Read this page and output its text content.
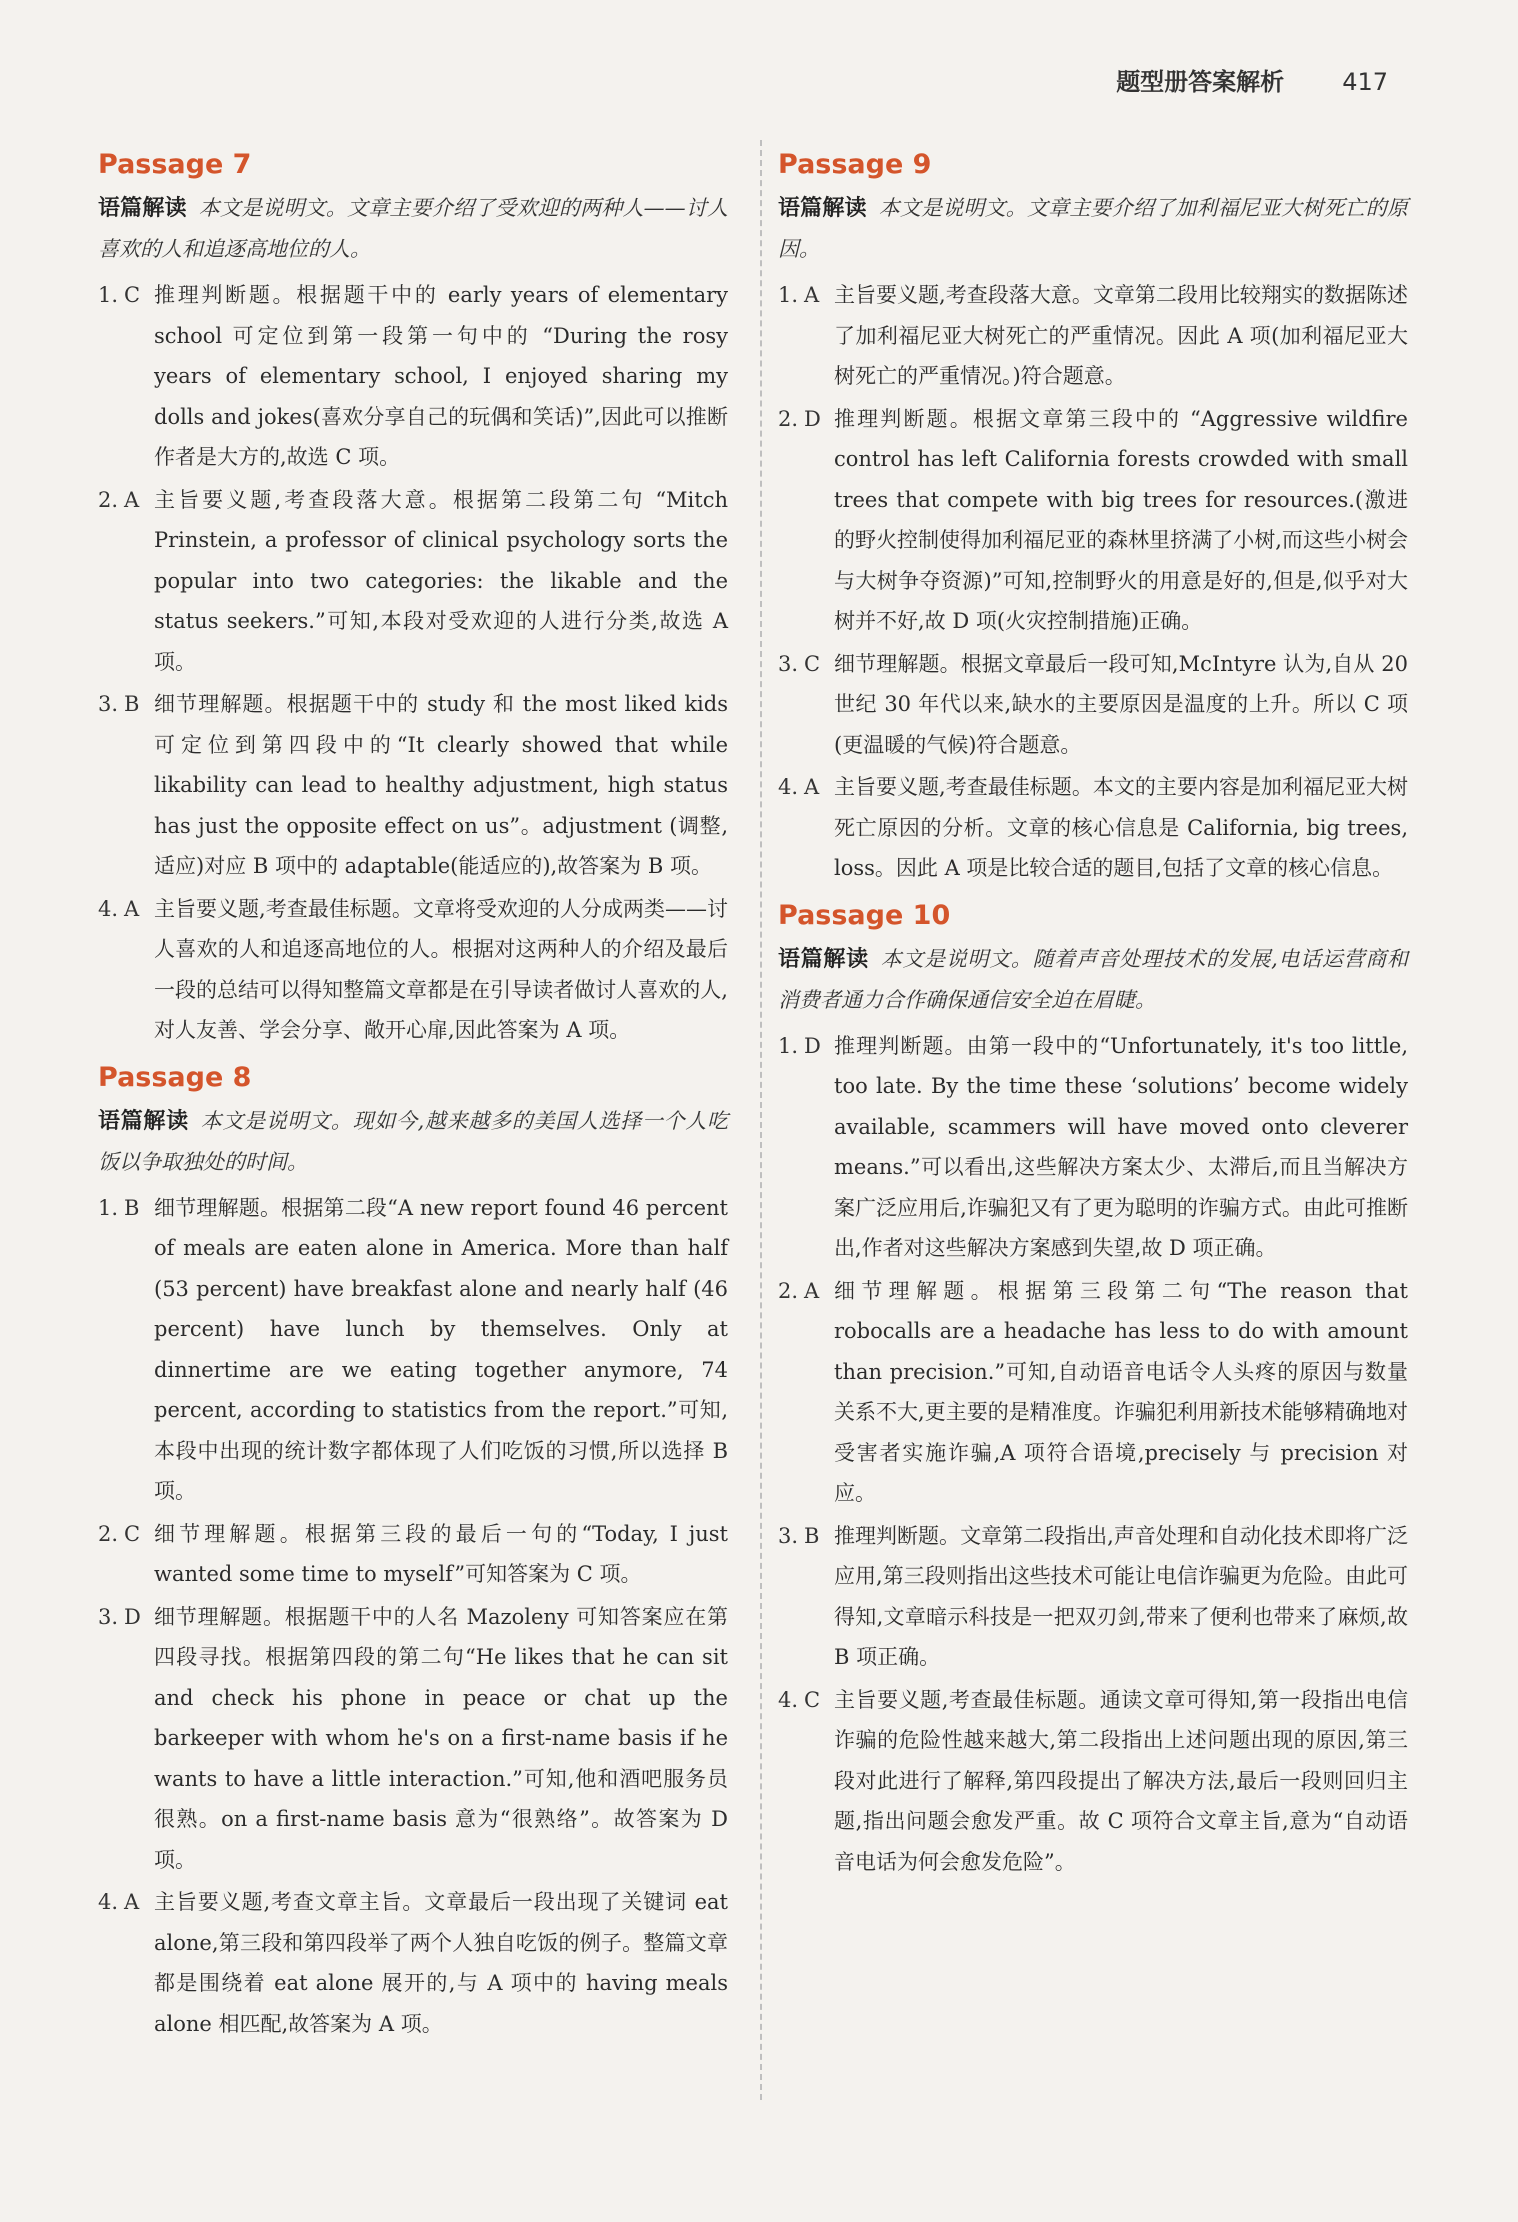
题型册答案解析 417
Passage 7
语篇解读 本文是说明文。文章主要介绍了受欢迎的两种人——讨人喜欢的人和追逐高地位的人。
1. C 推理判断题。根据题干中的 early years of elementary school 可定位到第一段第一句中的 “During the rosy years of elementary school, I enjoyed sharing my dolls and jokes(喜欢分享自己的玩偶和笑话)”,因此可以推断作者是大方的,故选 C 项。
2. A 主旨要义题,考查段落大意。根据第二段第二句 “Mitch Prinstein, a professor of clinical psychology sorts the popular into two categories: the likable and the status seekers.”可知,本段对受欢迎的人进行分类,故选 A 项。
3. B 细节理解题。根据题干中的 study 和 the most liked kids 可定位到第四段中的“It clearly showed that while likability can lead to healthy adjustment, high status has just the opposite effect on us”。adjustment (调整,适应)对应 B 项中的 adaptable(能适应的),故答案为 B 项。
4. A 主旨要义题,考查最佳标题。文章将受欢迎的人分成两类——讨人喜欢的人和追逐高地位的人。根据对这两种人的介绍及最后一段的总结可以得知整篇文章都是在引导读者做讨人喜欢的人,对人友善、学会分享、敞开心扉,因此答案为 A 项。
Passage 8
语篇解读 本文是说明文。现如今,越来越多的美国人选择一个人吃饭以争取独处的时间。
1. B 细节理解题。根据第二段“A new report found 46 percent of meals are eaten alone in America. More than half (53 percent) have breakfast alone and nearly half (46 percent) have lunch by themselves. Only at dinnertime are we eating together anymore, 74 percent, according to statistics from the report.”可知,本段中出现的统计数字都体现了人们吃饭的习惯,所以选择 B 项。
2. C 细节理解题。根据第三段的最后一句的“Today, I just wanted some time to myself”可知答案为 C 项。
3. D 细节理解题。根据题干中的人名 Mazoleny 可知答案应在第四段寻找。根据第四段的第二句“He likes that he can sit and check his phone in peace or chat up the barkeeper with whom he's on a first-name basis if he wants to have a little interaction.”可知,他和酒吧服务员很熟。on a first-name basis 意为“很熟络”。故答案为 D 项。
4. A 主旨要义题,考查文章主旨。文章最后一段出现了关键词 eat alone,第三段和第四段举了两个人独自吃饭的例子。整篇文章都是围绕着 eat alone 展开的,与 A 项中的 having meals alone 相匹配,故答案为 A 项。
Passage 9
语篇解读 本文是说明文。文章主要介绍了加利福尼亚大树死亡的原因。
1. A 主旨要义题,考查段落大意。文章第二段用比较翔实的数据陈述了加利福尼亚大树死亡的严重情况。因此 A 项(加利福尼亚大树死亡的严重情况。)符合题意。
2. D 推理判断题。根据文章第三段中的 “Aggressive wildfire control has left California forests crowded with small trees that compete with big trees for resources.(激进的野火控制使得加利福尼亚的森林里挤满了小树,而这些小树会与大树争夺资源)”可知,控制野火的用意是好的,但是,似乎对大树并不好,故 D 项(火灾控制措施)正确。
3. C 细节理解题。根据文章最后一段可知,McIntyre 认为,自从 20 世纪 30 年代以来,缺水的主要原因是温度的上升。所以 C 项(更温暖的气候)符合题意。
4. A 主旨要义题,考查最佳标题。本文的主要内容是加利福尼亚大树死亡原因的分析。文章的核心信息是 California, big trees, loss。因此 A 项是比较合适的题目,包括了文章的核心信息。
Passage 10
语篇解读 本文是说明文。随着声音处理技术的发展,电话运营商和消费者通力合作确保通信安全迫在眉睫。
1. D 推理判断题。由第一段中的“Unfortunately, it's too little, too late. By the time these ‘solutions’ become widely available, scammers will have moved onto cleverer means.”可以看出,这些解决方案太少、太滞后,而且当解决方案广泛应用后,诈骗犯又有了更为聪明的诈骗方式。由此可推断出,作者对这些解决方案感到失望,故 D 项正确。
2. A 细节理解题。根据第三段第二句“The reason that robocalls are a headache has less to do with amount than precision.”可知,自动语音电话令人头疼的原因与数量关系不大,更主要的是精准度。诈骗犯利用新技术能够精确地对受害者实施诈骗,A 项符合语境,precisely 与 precision 对应。
3. B 推理判断题。文章第二段指出,声音处理和自动化技术即将广泛应用,第三段则指出这些技术可能让电信诈骗更为危险。由此可得知,文章暗示科技是一把双刃剑,带来了便利也带来了麻烦,故 B 项正确。
4. C 主旨要义题,考查最佳标题。通读文章可得知,第一段指出电信诈骗的危险性越来越大,第二段指出上述问题出现的原因,第三段对此进行了解释,第四段提出了解决方法,最后一段则回归主题,指出问题会愈发严重。故 C 项符合文章主旨,意为“自动语音电话为何会愈发危险”。
